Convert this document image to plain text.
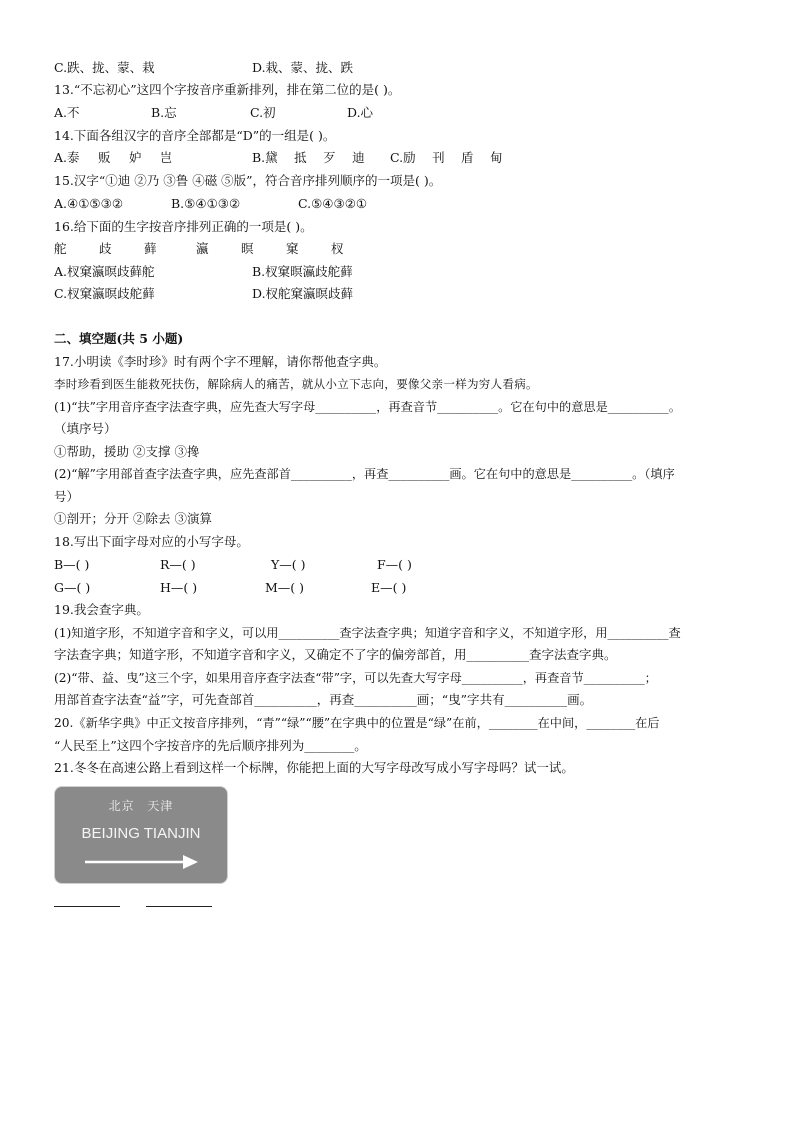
C.跌、拢、蒙、栽	D.栽、蒙、拢、跌
13.“不忘初心”这四个字按音序重新排列，排在第二位的是( )。
A.不	B.忘	C.初	D.心
14.下面各组汉字的音序全部都是“D”的一组是( )。
A.泰　 贩　 妒　 岂	B.黛　 抵　 歹　 迪 C.励　 刊　 盾　 甸
15.汉字“①迪 ②乃 ③鲁 ④磁 ⑤版”，符合音序排列顺序的一项是( )。
A.④①⑤③②	B.⑤④①③②	C.⑤④③②①
16.给下面的生字按音序排列正确的一项是( )。
舵	歧	藓	瀛	暝	窠	杈
A.杈窠瀛暝歧藓舵	B.杈窠暝瀛歧舵藓
C.杈窠瀛暝歧舵藓	D.杈舵窠瀛暝歧藓
二、填空题(共 5 小题)
17.小明读《李时珍》时有两个字不理解，请你帮他查字典。
李时珍看到医生能救死扶伤，解除病人的痛苦，就从小立下志向，要像父亲一样为穷人看病。
(1)“扶”字用音序查字法查字典，应先查大写字母__________，再查音节__________。它在句中的意思是__________。
（填序号）
①帮助，援助 ②支撑 ③搀
(2)“解”字用部首查字法查字典，应先查部首__________，再查__________画。它在句中的意思是__________。（填序
号）
①剖开；分开 ②除去 ③演算
18.写出下面字母对应的小写字母。
B—( )	R—( )	Y—( )	F—( )
G—( )	H—( )	M—( )	E—( )
19.我会查字典。
(1)知道字形，不知道字音和字义，可以用__________查字法查字典；知道字音和字义，不知道字形，用__________查
字法查字典；知道字形，不知道字音和字义，又确定不了字的偏旁部首，用__________查字法查字典。
(2)“带、益、曳”这三个字，如果用音序查字法查“带”字，可以先查大写字母__________，再查音节__________；
用部首查字法查“益”字，可先查部首__________，再查__________画；“曳”字共有__________画。
20.《新华字典》中正文按音序排列，“青”“绿”“腰”在字典中的位置是“绿”在前，________在中间，________在后
“人民至上”这四个字按音序的先后顺序排列为________。
21.冬冬在高速公路上看到这样一个标牌，你能把上面的大写字母改写成小写字母吗？试一试。
北京 天津
BEIJING TIANJIN
